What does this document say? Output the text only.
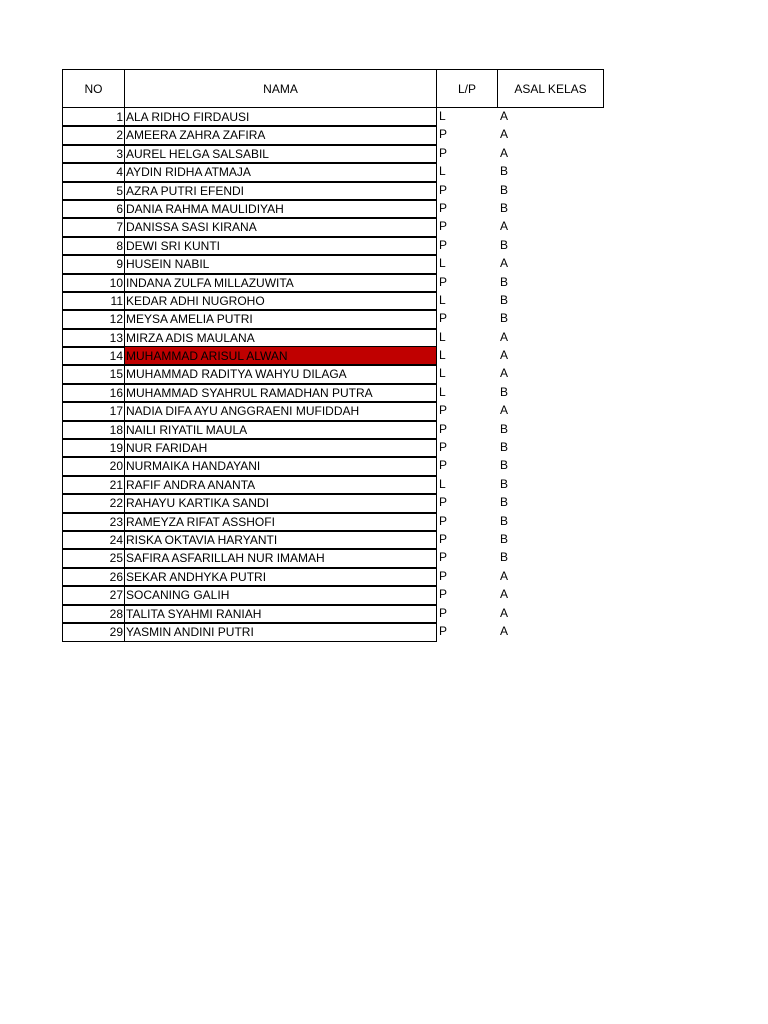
NO	NAMA	L/P	ASAL KELAS
1 ALA RIDHO FIRDAUSI	L	A
2 AMEERA ZAHRA ZAFIRA	P	A
3 AUREL HELGA SALSABIL	P	A
4 AYDIN RIDHA ATMAJA	L	B
5 AZRA PUTRI EFENDI	P	B
6 DANIA RAHMA MAULIDIYAH	P	B
7 DANISSA SASI KIRANA	P	A
8 DEWI SRI KUNTI	P	B
9 HUSEIN NABIL	L	A
10 INDANA ZULFA MILLAZUWITA	P	B
11 KEDAR ADHI NUGROHO	L	B
12 MEYSA AMELIA PUTRI	P	B
13 MIRZA ADIS MAULANA	L	A
14 MUHAMMAD ARISUL ALWAN	L	A
15 MUHAMMAD RADITYA WAHYU DILAGA	L	A
16 MUHAMMAD SYAHRUL RAMADHAN PUTRA	L	B
17 NADIA DIFA AYU ANGGRAENI MUFIDDAH	P	A
18 NAILI RIYATIL MAULA	P	B
19 NUR FARIDAH	P	B
20 NURMAIKA HANDAYANI	P	B
21 RAFIF ANDRA ANANTA	L	B
22 RAHAYU KARTIKA SANDI	P	B
23 RAMEYZA RIFAT ASSHOFI	P	B
24 RISKA OKTAVIA HARYANTI	P	B
25 SAFIRA ASFARILLAH NUR IMAMAH	P	B
26 SEKAR ANDHYKA PUTRI	P	A
27 SOCANING GALIH	P	A
28 TALITA SYAHMI RANIAH	P	A
29 YASMIN ANDINI PUTRI	P	A
